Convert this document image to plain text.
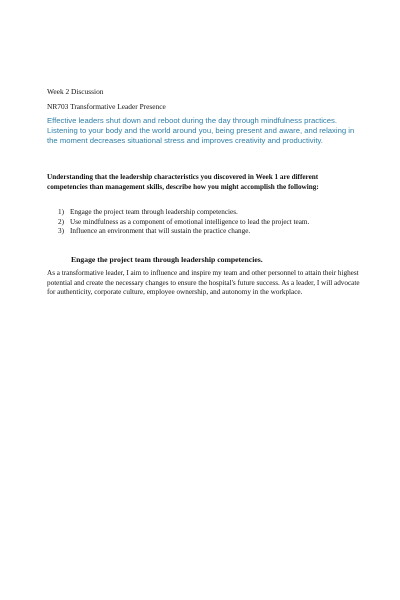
Week 2 Discussion
NR703 Transformative Leader Presence
Effective leaders shut down and reboot during the day through mindfulness practices. Listening to your body and the world around you, being present and aware, and relaxing in the moment decreases situational stress and improves creativity and productivity.
Understanding that the leadership characteristics you discovered in Week 1 are different competencies than management skills, describe how you might accomplish the following:
1) Engage the project team through leadership competencies.
2) Use mindfulness as a component of emotional intelligence to lead the project team.
3) Influence an environment that will sustain the practice change.
Engage the project team through leadership competencies.

As a transformative leader, I aim to influence and inspire my team and other personnel to attain their highest potential and create the necessary changes to ensure the hospital's future success. As a leader, I will advocate for authenticity, corporate culture, employee ownership, and autonomy in the workplace.
